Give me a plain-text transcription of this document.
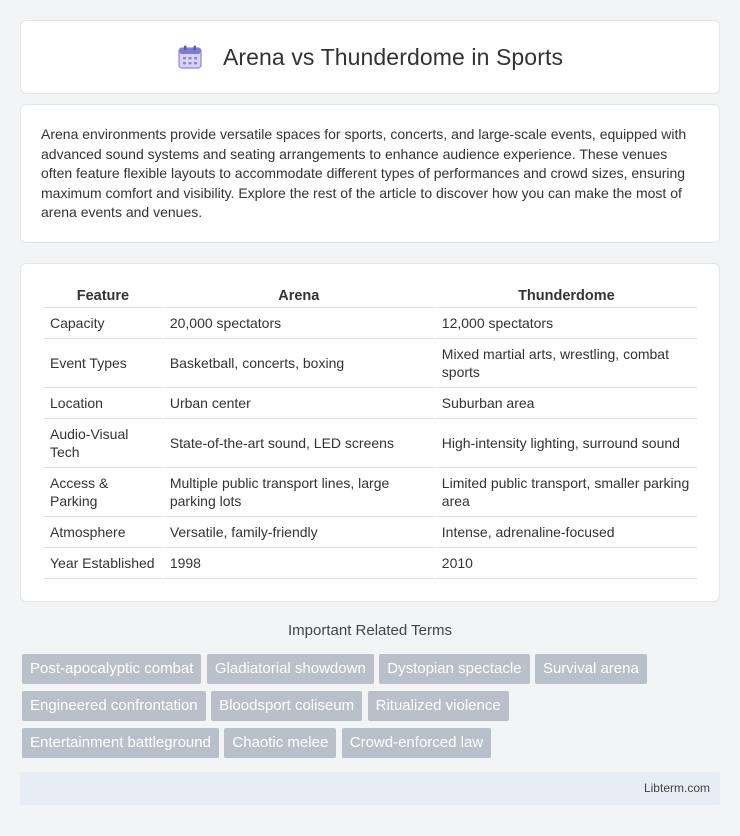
Arena vs Thunderdome in Sports

Arena environments provide versatile spaces for sports, concerts, and large-scale events, equipped with advanced sound systems and seating arrangements to enhance audience experience. These venues often feature flexible layouts to accommodate different types of performances and crowd sizes, ensuring maximum comfort and visibility. Explore the rest of the article to discover how you can make the most of arena events and venues.

Feature	Arena	Thunderdome
Capacity	20,000 spectators	12,000 spectators
Event Types	Basketball, concerts, boxing	Mixed martial arts, wrestling, combat sports
Location	Urban center	Suburban area
Audio-Visual Tech	State-of-the-art sound, LED screens	High-intensity lighting, surround sound
Access & Parking	Multiple public transport lines, large parking lots	Limited public transport, smaller parking area
Atmosphere	Versatile, family-friendly	Intense, adrenaline-focused
Year Established	1998	2010
Important Related Terms
Post-apocalyptic combat Gladiatorial showdown Dystopian spectacle Survival arena
Engineered confrontation Bloodsport coliseum Ritualized violence
Entertainment battleground Chaotic melee Crowd-enforced law
Libterm.com
